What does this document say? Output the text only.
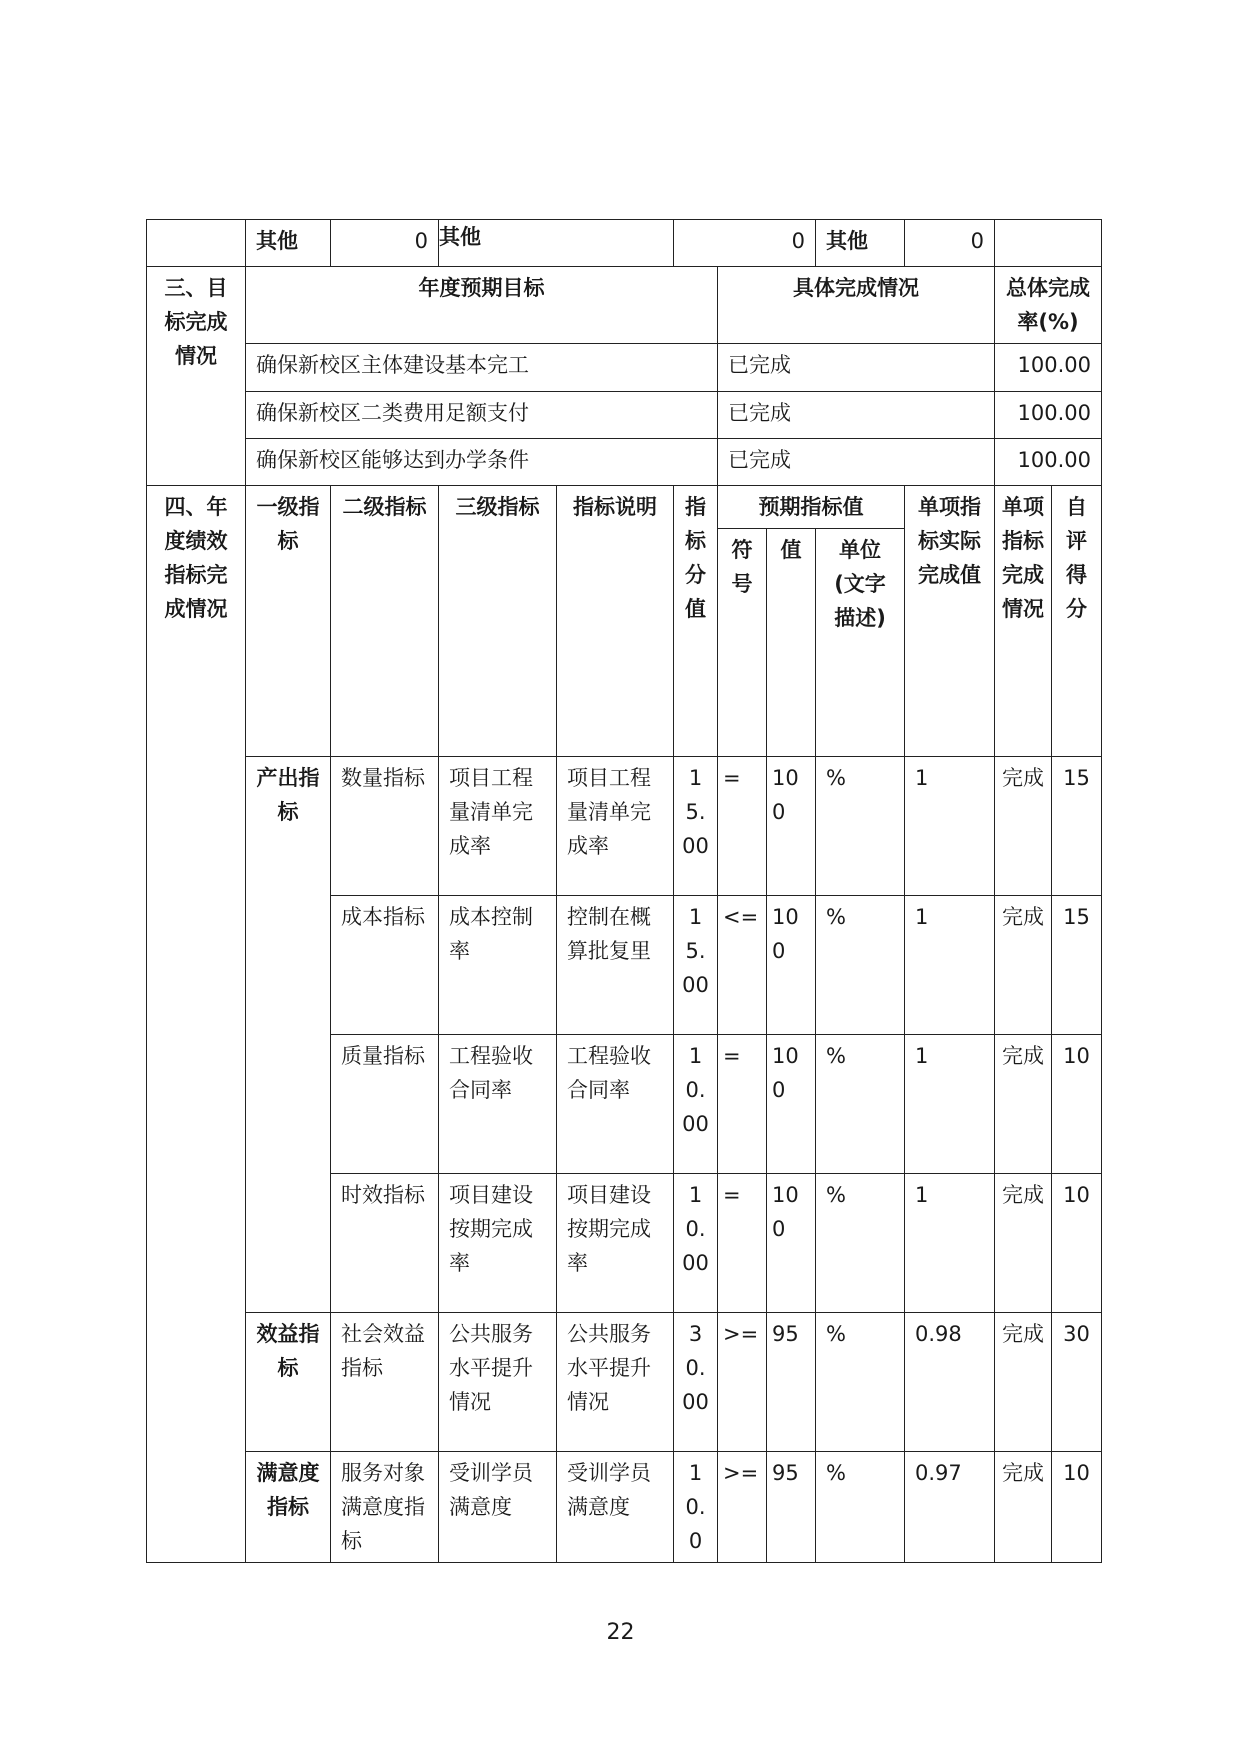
	其他	0	其他		0			其他	0		
三、目标完成情况	年度预期目标					具体完成情况				总体完成率(%)	
	确保新校区主体建设基本完工					已完成				100.00	
	确保新校区二类费用足额支付					已完成				100.00	
	确保新校区能够达到办学条件					已完成				100.00	
四、年度绩效指标完成情况	一级指标	二级指标	三级指标	指标说明	指标分值	预期指标值			单项指标实际完成值	单项指标完成情况	自评得分
						符号	值	单位(文字描述)			
	产出指标	数量指标	项目工程量清单完成率	项目工程量清单完成率	15.00	=	100	%	1	完成	15
		成本指标	成本控制率	控制在概算批复里	15.00	<=	100	%	1	完成	15
		质量指标	工程验收合同率	工程验收合同率	10.00	=	100	%	1	完成	10
		时效指标	项目建设按期完成率	项目建设按期完成率	10.00	=	100	%	1	完成	10
	效益指标	社会效益指标	公共服务水平提升情况	公共服务水平提升情况	30.00	>=	95	%	0.98	完成	30
	满意度指标	服务对象满意度指标	受训学员满意度	受训学员满意度	10.0	>=	95	%	0.97	完成	10
22
